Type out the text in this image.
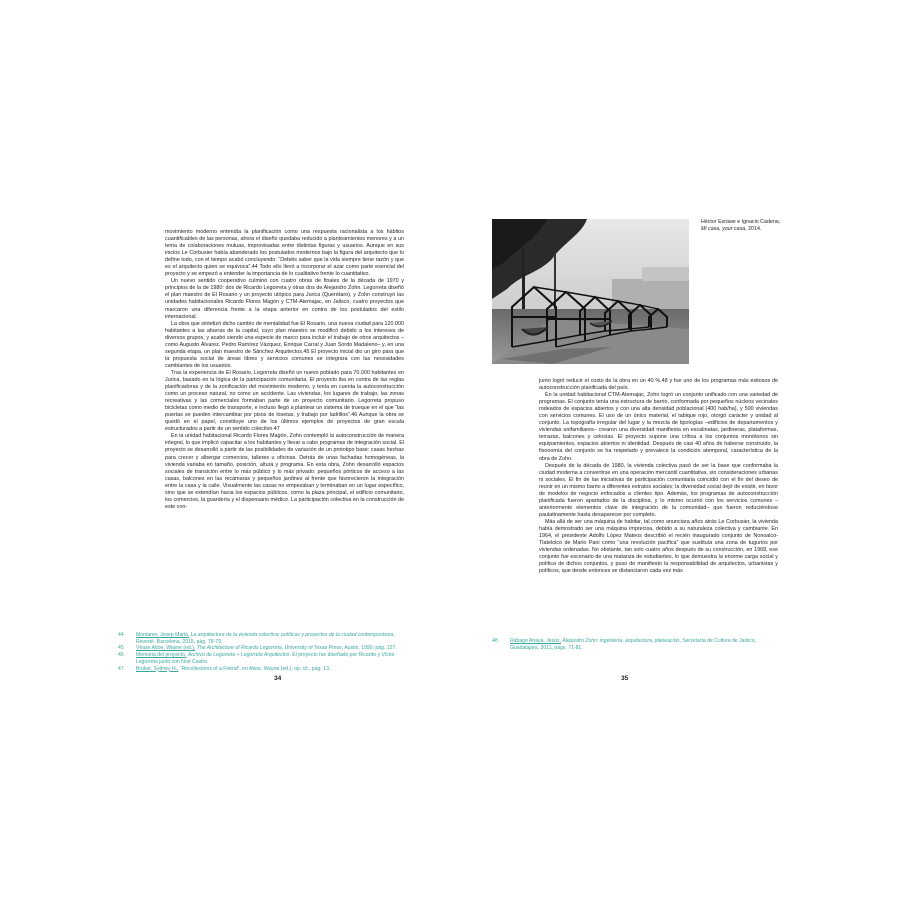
movimiento moderno entendía la planificación como una respuesta racionalista a los hábitos cuantificables de las personas, ahora el diseño quedaba reducido a planteamientos menores y a un tema de colaboraciones mutuas, improvisadas entre distintas figuras y usuarios. Aunque en sus inicios Le Corbusier había abanderado los postulados modernos bajo la figura del arquitecto que lo define todo, con el tiempo acabó concluyendo: “Debéis saber que la vida siempre tiene razón y que es el arquitecto quien se equivoca”.44 Todo ello llevó a incorporar el azar como parte esencial del proyecto y se empezó a entender la importancia de lo cualitativo frente lo cuantitativo.

Un nuevo sentido cooperativo culminó con cuatro obras de finales de la década de 1970 y principios de la de 1980: dos de Ricardo Legorreta y otras dos de Alejandro Zohn. Legorreta diseñó el plan maestro de El Rosario y un proyecto utópico para Jurica (Querétaro), y Zohn construyó las unidades habitacionales Ricardo Flores Magón y CTM-Atemajac, en Jalisco, cuatro proyectos que marcaron una diferencia frente a la etapa anterior en contra de los postulados del estilo internacional.

La obra que sintetizó dicho cambio de mentalidad fue El Rosario, una nueva ciudad para 120.000 habitantes a las afueras de la capital, cuyo plan maestro se modificó debido a los intereses de diversos grupos, y acabó siendo una especie de marco para incluir el trabajo de otros arquitectos –como Augusto Álvarez, Pedro Ramírez Vázquez, Enrique Carral y Juan Sordo Madaleno– y, en una segunda etapa, un plan maestro de Sánchez Arquitectos.45 El proyecto inicial dio un giro para que la propuesta social de áreas libres y servicios comunes se integrara con las necesidades cambiantes de los usuarios.

Tras la experiencia de El Rosario, Legorreta diseñó un nuevo poblado para 70.000 habitantes en Jurica, basado en la lógica de la participación comunitaria. El proyecto iba en contra de las reglas planificadoras y de la zonificación del movimiento moderno, y tenía en cuenta la autoconstrucción como un proceso natural, no como un accidente. Las viviendas, los lugares de trabajo, las zonas recreativas y las comerciales formaban parte de un proyecto comunitario. Legorreta propuso bicicletas como medio de transporte, e incluso llegó a plantear un sistema de trueque en el que “las puertas se pueden intercambiar por pisos de losetas, y trabajo por ladrillos”.46 Aunque la obra se quedó en el papel, constituye uno de los últimos ejemplos de proyectos de gran escala estructurados a partir de un sentido colectivo.47

En la unidad habitacional Ricardo Flores Magón, Zohn contempló la autoconstrucción de manera integral, lo que implicó capacitar a los habitantes y llevar a cabo programas de integración social. El proyecto se desarrolló a partir de las posibilidades de variación de un prototipo base: casas hechas para crecer y albergar comercios, talleres u oficinas. Detrás de unas fachadas homogéneas, la vivienda variaba en tamaño, posición, altura y programa. En esta obra, Zohn desarrolló espacios sociales de transición entre lo más público y lo más privado: pequeños pórticos de acceso a las casas, balcones en las recámaras y pequeños jardines al frente que favorecieron la integración entre la casa y la calle. Visualmente las casas no empezaban y terminaban en un lugar específico, sino que se extendían hacia los espacios públicos, como la plaza principal, el edificio comunitario, los comercios, la guardería y el dispensario médico. La participación colectiva en la construcción de este con-

44 Montaner, Josep Maria, La arquitectura de la vivienda colectiva: políticas y proyectos de la ciudad contemporánea, Reverté, Barcelona, 2015, pág. 78-79.
45 Véase Attoe, Wayne (ed.), The Architecture of Ricardo Legorreta, University of Texas Press, Austin, 1990, pág. 127.
46 Memoria del proyecto, Archivo de Legorreta + Legorreta Arquitectos. El proyecto fue diseñado por Ricardo y Víctor Legorreta junto con Noé Castro.
47 Bruker, Sydney H., “Recollections of a Friend”, en Attoe, Wayne (ed.), op. cit., pág. 13.
34
Héctor Esrawe e Ignacio Cadena,
Mi casa, your casa, 2014.

junto logró reducir el costo de la obra en un 40 %,48 y fue uno de los programas más exitosos de autoconstrucción planificada del país.

En la unidad habitacional CTM-Atemajac, Zohn logró un conjunto unificado con una variedad de programas. El conjunto tenía una estructura de barrio, conformada por pequeños núcleos vecinales rodeados de espacios abiertos y con una alta densidad poblacional (400 hab/ha), y 500 viviendas con servicios comunes. El uso de un único material, el tabique rojo, otorgó carácter y unidad al conjunto. La topografía irregular del lugar y la mezcla de tipologías –edificios de departamentos y viviendas unifamiliares– crearon una diversidad manifiesta en escalinatas, jardineras, plataformas, terrazas, balcones y celosías. El proyecto supone una crítica a los conjuntos monótonos sin equipamientos, espacios abiertos ni identidad. Después de casi 40 años de haberse construido, la fisonomía del conjunto se ha respetado y prevalece la condición atemporal, característica de la obra de Zohn.

Después de la década de 1980, la vivienda colectiva pasó de ser la base que conformaba la ciudad moderna a convertirse en una operación mercantil cuantitativa, sin consideraciones urbanas ni sociales. El fin de las iniciativas de participación comunitaria coincidió con el fin del deseo de reunir en un mismo barrio a diferentes estratos sociales; la diversidad social dejó de existir, en favor de modelos de negocio enfocados a clientes tipo. Además, los programas de autoconstrucción planificada fueron apartados de la disciplina, y lo mismo ocurrió con los servicios comunes –anteriormente elementos clave de integración de la comunidad– que fueron reduciéndose paulatinamente hasta desaparecer por completo.

Más allá de ser una máquina de habitar, tal como anunciara años atrás Le Corbusier, la vivienda había demostrado ser una máquina imprecisa, debido a su naturaleza colectiva y cambiante. En 1964, el presidente Adolfo López Mateos describió el recién inaugurado conjunto de Nonoalco-Tlatelolco de Mario Pani como “una revolución pacífica” que sustituía una zona de tugurios por viviendas ordenadas. No obstante, tan solo cuatro años después de su construcción, en 1968, ese conjunto fue escenario de una matanza de estudiantes, lo que demuestra la enorme carga social y política de dichos conjuntos, y puso de manifiesto la responsabilidad de arquitectos, urbanistas y políticos, que desde entonces se distanciaron cada vez más

48 Rábago Anaya, Jesús, Alejandro Zohn: ingeniería, arquitectura, planeación, Secretaría de Cultura de Jalisco, Guadalajara, 2011, págs. 71-81.
35
